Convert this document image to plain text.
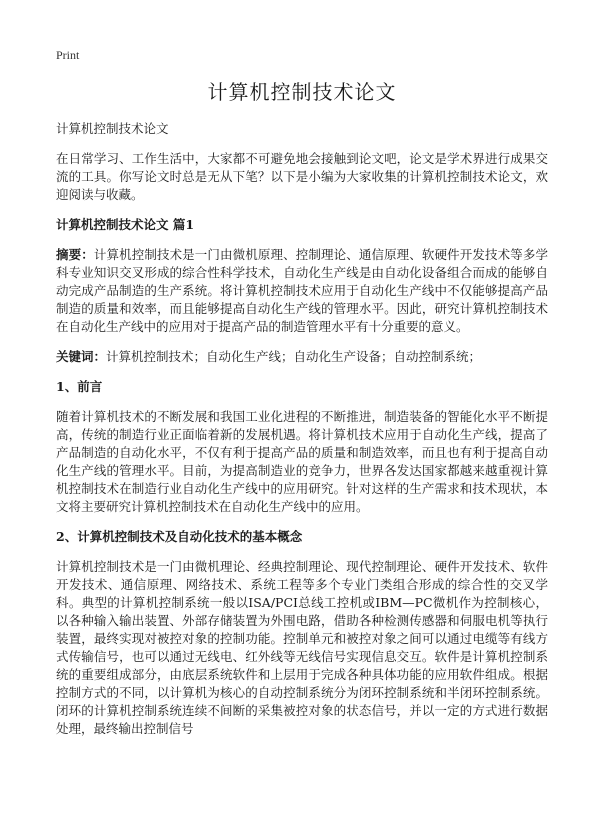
Print
计算机控制技术论文

计算机控制技术论文

在日常学习、工作生活中，大家都不可避免地会接触到论文吧，论文是学术界进行成果交流的工具。你写论文时总是无从下笔？以下是小编为大家收集的计算机控制技术论文，欢迎阅读与收藏。

计算机控制技术论文 篇1

摘要：计算机控制技术是一门由微机原理、控制理论、通信原理、软硬件开发技术等多学科专业知识交叉形成的综合性科学技术，自动化生产线是由自动化设备组合而成的能够自动完成产品制造的生产系统。将计算机控制技术应用于自动化生产线中不仅能够提高产品制造的质量和效率，而且能够提高自动化生产线的管理水平。因此，研究计算机控制技术在自动化生产线中的应用对于提高产品的制造管理水平有十分重要的意义。

关键词：计算机控制技术；自动化生产线；自动化生产设备；自动控制系统；

1、前言

随着计算机技术的不断发展和我国工业化进程的不断推进，制造装备的智能化水平不断提高，传统的制造行业正面临着新的发展机遇。将计算机技术应用于自动化生产线，提高了产品制造的自动化水平，不仅有利于提高产品的质量和制造效率，而且也有利于提高自动化生产线的管理水平。目前，为提高制造业的竞争力，世界各发达国家都越来越重视计算机控制技术在制造行业自动化生产线中的应用研究。针对这样的生产需求和技术现状，本文将主要研究计算机控制技术在自动化生产线中的应用。

2、计算机控制技术及自动化技术的基本概念

计算机控制技术是一门由微机理论、经典控制理论、现代控制理论、硬件开发技术、软件开发技术、通信原理、网络技术、系统工程等多个专业门类组合形成的综合性的交叉学科。典型的计算机控制系统一般以ISA/PCI总线工控机或IBM—PC微机作为控制核心，以各种输入输出装置、外部存储装置为外围电路，借助各种检测传感器和伺服电机等执行装置，最终实现对被控对象的控制功能。控制单元和被控对象之间可以通过电缆等有线方式传输信号，也可以通过无线电、红外线等无线信号实现信息交互。软件是计算机控制系统的重要组成部分，由底层系统软件和上层用于完成各种具体功能的应用软件组成。根据控制方式的不同，以计算机为核心的自动控制系统分为闭环控制系统和半闭环控制系统。闭环的计算机控制系统连续不间断的采集被控对象的状态信号，并以一定的方式进行数据处理，最终输出控制信号
